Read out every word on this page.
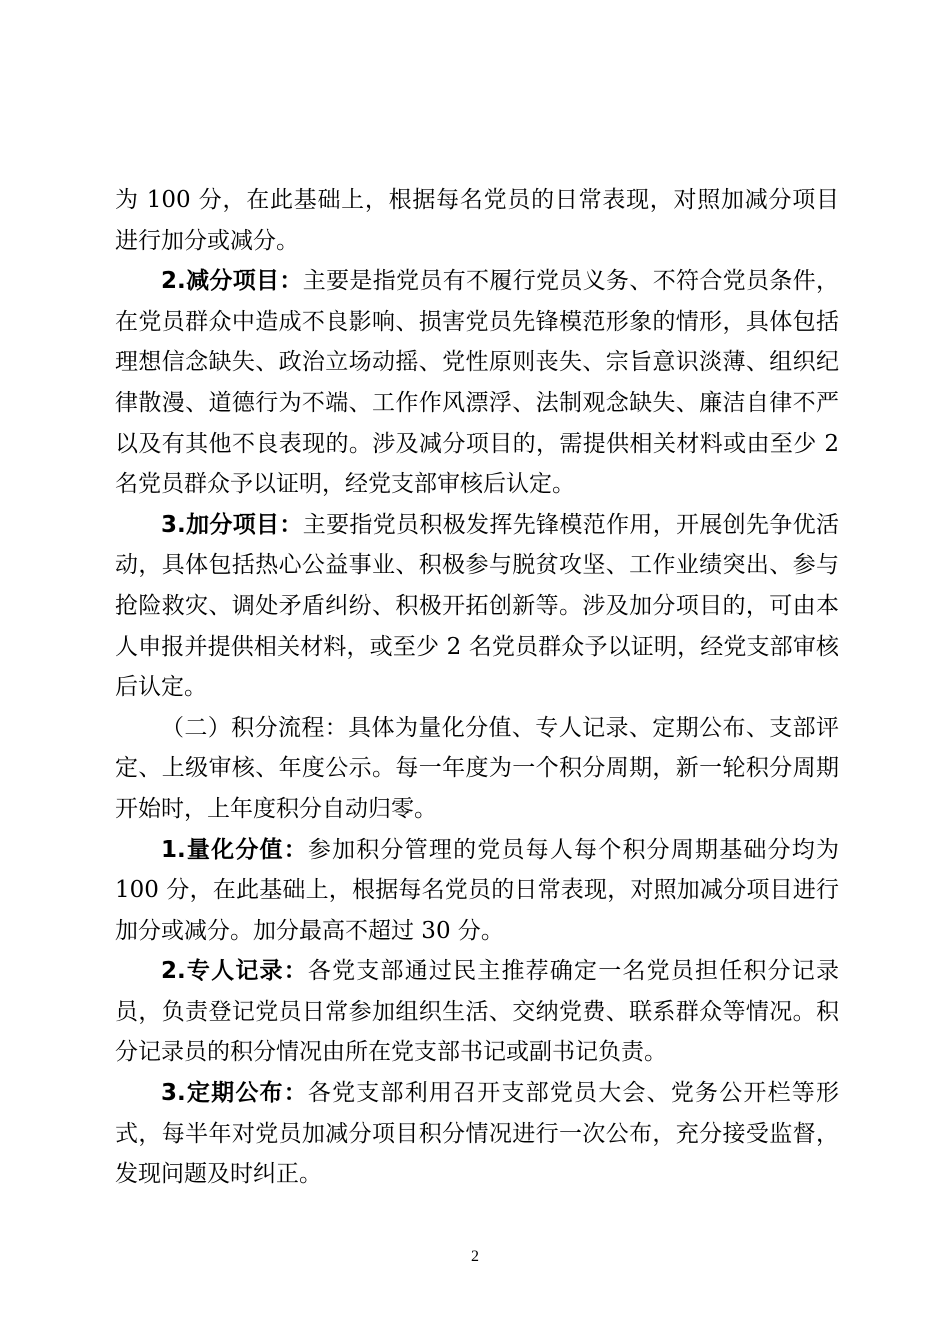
为 100 分，在此基础上，根据每名党员的日常表现，对照加减分项目进行加分或减分。

2.减分项目：主要是指党员有不履行党员义务、不符合党员条件，在党员群众中造成不良影响、损害党员先锋模范形象的情形，具体包括理想信念缺失、政治立场动摇、党性原则丧失、宗旨意识淡薄、组织纪律散漫、道德行为不端、工作作风漂浮、法制观念缺失、廉洁自律不严以及有其他不良表现的。涉及减分项目的，需提供相关材料或由至少 2 名党员群众予以证明，经党支部审核后认定。

3.加分项目：主要指党员积极发挥先锋模范作用，开展创先争优活动，具体包括热心公益事业、积极参与脱贫攻坚、工作业绩突出、参与抢险救灾、调处矛盾纠纷、积极开拓创新等。涉及加分项目的，可由本人申报并提供相关材料，或至少 2 名党员群众予以证明，经党支部审核后认定。

（二）积分流程：具体为量化分值、专人记录、定期公布、支部评定、上级审核、年度公示。每一年度为一个积分周期，新一轮积分周期开始时，上年度积分自动归零。

1.量化分值：参加积分管理的党员每人每个积分周期基础分均为 100 分，在此基础上，根据每名党员的日常表现，对照加减分项目进行加分或减分。加分最高不超过 30 分。

2.专人记录：各党支部通过民主推荐确定一名党员担任积分记录员，负责登记党员日常参加组织生活、交纳党费、联系群众等情况。积分记录员的积分情况由所在党支部书记或副书记负责。

3.定期公布：各党支部利用召开支部党员大会、党务公开栏等形式，每半年对党员加减分项目积分情况进行一次公布，充分接受监督，发现问题及时纠正。

2
